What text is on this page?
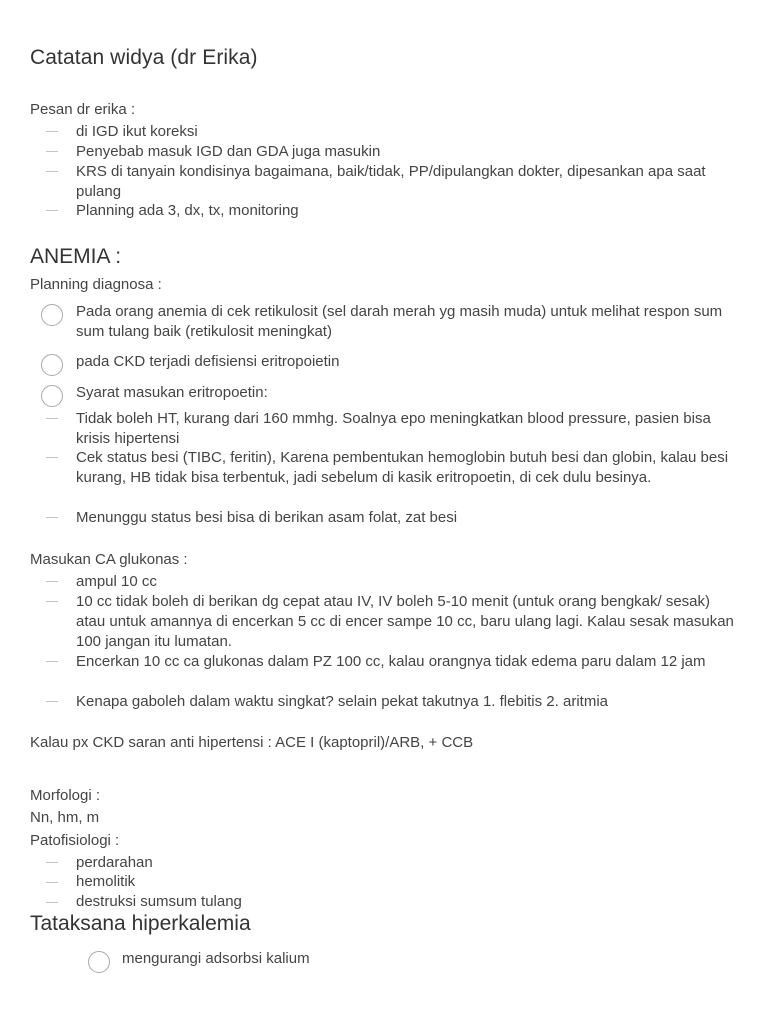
Catatan widya (dr Erika)
Pesan dr erika :
di IGD ikut koreksi
Penyebab masuk IGD dan GDA juga masukin
KRS di tanyain kondisinya bagaimana, baik/tidak, PP/dipulangkan dokter, dipesankan apa saat pulang
Planning ada 3, dx, tx, monitoring
ANEMIA :
Planning diagnosa :
Pada orang anemia di cek retikulosit (sel darah merah yg masih muda) untuk melihat respon sum sum tulang baik (retikulosit meningkat)
pada CKD terjadi defisiensi eritropoietin
Syarat masukan eritropoetin:
Tidak boleh HT, kurang dari 160 mmhg. Soalnya epo meningkatkan blood pressure, pasien bisa krisis hipertensi
Cek status besi (TIBC, feritin), Karena pembentukan hemoglobin butuh besi dan globin, kalau besi kurang, HB tidak bisa terbentuk, jadi sebelum di kasik eritropoetin, di cek dulu besinya.
Menunggu status besi bisa di berikan asam folat, zat besi
Masukan CA glukonas :
ampul 10 cc
10 cc tidak boleh di berikan dg cepat atau IV, IV boleh 5-10 menit (untuk orang bengkak/ sesak) atau untuk amannya di encerkan 5 cc di encer sampe 10 cc, baru ulang lagi. Kalau sesak masukan 100 jangan itu lumatan.
Encerkan 10 cc ca glukonas dalam PZ 100 cc, kalau orangnya tidak edema paru dalam 12 jam
Kenapa gaboleh dalam waktu singkat? selain pekat takutnya 1. flebitis 2. aritmia
Kalau px CKD saran anti hipertensi : ACE I (kaptopril)/ARB, + CCB
Morfologi :
Nn, hm, m
Patofisiologi :
perdarahan
hemolitik
destruksi sumsum tulang
Tataksana hiperkalemia
mengurangi adsorbsi kalium
